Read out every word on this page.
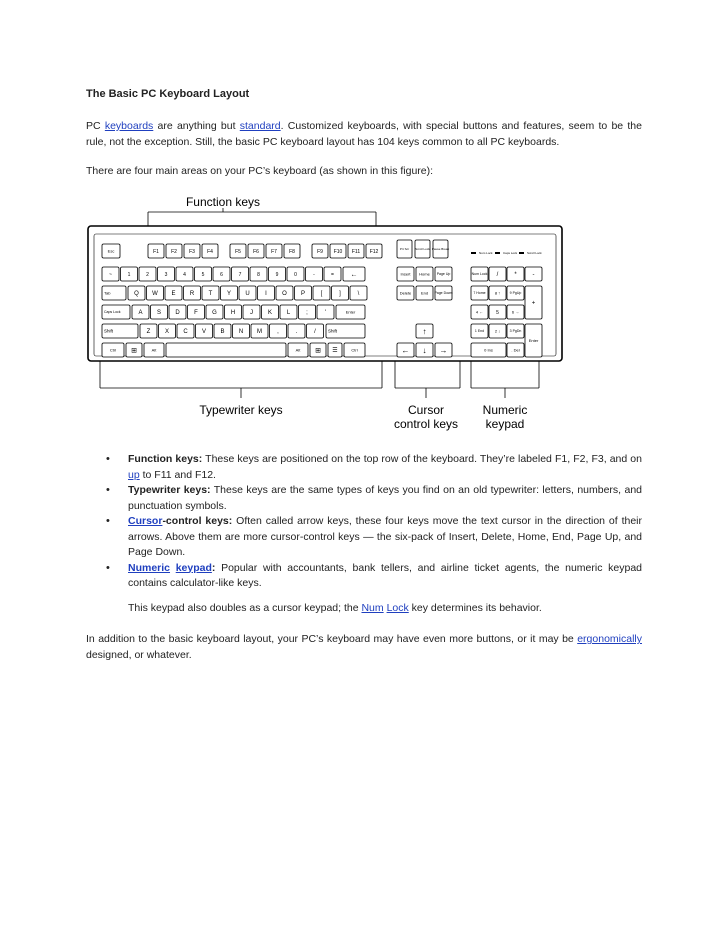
The Basic PC Keyboard Layout
PC keyboards are anything but standard. Customized keyboards, with special buttons and features, seem to be the rule, not the exception. Still, the basic PC keyboard layout has 104 keys common to all PC keyboards.
There are four main areas on your PC’s keyboard (as shown in this figure):
Function keys
Esc	F1 F2 F3 F4	F5 F6 F7 F8	F9 F10 F11 F12	Prt Scr Scroll Lock Pause Break
Num Lock	Caps Lock	Scroll Lock
~	1	2	3	4	5	6	7	8	9	0	-	= ←
Tab	Q W E R T Y U	I	O P	[	]	\
Caps Lock	A S D F G H J K L	;	'	Enter
Shift	Z X C V B N M	,	.	/	Shift
Ctrl ⊞	Alt	Alt ⊞ ☰	Ctrl
Insert Home Page Up
Delete End Page Down
↑
← ↓ →
Num Lock /	*	-
7 Home 8 ↑	9 PgUp
+
4 ←	5	6 →
1 End	2 ↓	3 PgDn
Enter
0 Ins	. Del
Typewriter keys	Cursor
control keys
Numeric
keypad
• Function keys: These keys are positioned on the top row of the keyboard. They’re labeled F1, F2, F3, and on up to F11 and F12.
• Typewriter keys: These keys are the same types of keys you find on an old typewriter: letters, numbers, and punctuation symbols.
• Cursor-control keys: Often called arrow keys, these four keys move the text cursor in the direction of their arrows. Above them are more cursor-control keys — the six-pack of Insert, Delete, Home, End, Page Up, and Page Down.
• Numeric keypad: Popular with accountants, bank tellers, and airline ticket agents, the numeric keypad contains calculator-like keys.
This keypad also doubles as a cursor keypad; the Num Lock key determines its behavior.
In addition to the basic keyboard layout, your PC’s keyboard may have even more buttons, or it may be ergonomically designed, or whatever.
